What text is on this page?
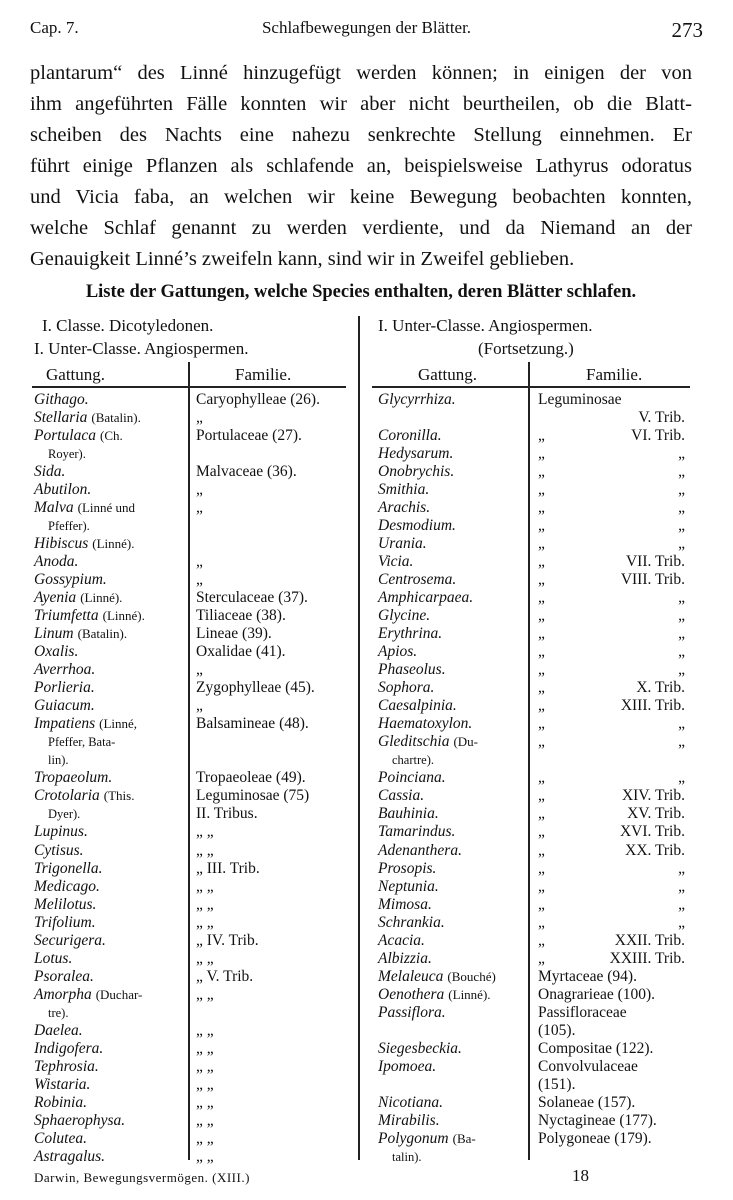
Cap. 7.	Schlafbewegungen der Blätter.	273
plantarum“ des Linné hinzugefügt werden können; in einigen der von
ihm angeführten Fälle konnten wir aber nicht beurtheilen, ob die Blatt-
scheiben des Nachts eine nahezu senkrechte Stellung einnehmen. Er
führt einige Pflanzen als schlafende an, beispielsweise Lathyrus odoratus
und Vicia faba, an welchen wir keine Bewegung beobachten konnten,
welche Schlaf genannt zu werden verdiente, und da Niemand an der
Genauigkeit Linné’s zweifeln kann, sind wir in Zweifel geblieben.
Liste der Gattungen, welche Species enthalten, deren Blätter schlafen.
I. Classe. Dicotyledonen.
I. Unter-Classe. Angiospermen.
Gattung.	Familie.
I. Unter-Classe. Angiospermen.
(Fortsetzung.)
Gattung.	Familie.
Githago.	Caryophylleae (26).
Stellaria (Batalin).	„
Portulaca (Ch.	Portulaceae (27).
Royer).
Sida.	Malvaceae (36).
Abutilon.	„
Malva (Linné und	„
Pfeffer).
Hibiscus (Linné).
Anoda.	„
Gossypium.	„
Ayenia (Linné).	Sterculaceae (37).
Triumfetta (Linné).	Tiliaceae (38).
Linum (Batalin).	Lineae (39).
Oxalis.	Oxalidae (41).
Averrhoa.	„
Porlieria.	Zygophylleae (45).
Guiacum.	„
Impatiens (Linné,	Balsamineae (48).
Pfeffer, Bata-
lin).
Tropaeolum.	Tropaeoleae (49).
Crotolaria (This.	Leguminosae (75)
Dyer).	II. Tribus.
Lupinus.	„ „
Cytisus.	„ „
Trigonella.	„ III. Trib.
Medicago.	„ „
Melilotus.	„ „
Trifolium.	„ „
Securigera.	„ IV. Trib.
Lotus.	„ „
Psoralea.	„ V. Trib.
Amorpha (Duchar-	„ „
tre).
Daelea.	„ „
Indigofera.	„ „
Tephrosia.	„ „
Wistaria.	„ „
Robinia.	„ „
Sphaerophysa.	„ „
Colutea.	„ „
Astragalus.	„ „
Glycyrrhiza.	Leguminosae
V. Trib.
Coronilla.	„	VI. Trib.
Hedysarum.	„	„
Onobrychis.	„	„
Smithia.	„	„
Arachis.	„	„
Desmodium.	„	„
Urania.	„	„
Vicia.	„	VII. Trib.
Centrosema.	„	VIII. Trib.
Amphicarpaea.	„	„
Glycine.	„	„
Erythrina.	„	„
Apios.	„	„
Phaseolus.	„	„
Sophora.	„	X. Trib.
Caesalpinia.	„	XIII. Trib.
Haematoxylon.	„	„
Gleditschia (Du-	„	„
chartre).
Poinciana.	„	„
Cassia.	„	XIV. Trib.
Bauhinia.	„	XV. Trib.
Tamarindus.	„	XVI. Trib.
Adenanthera.	„	XX. Trib.
Prosopis.	„	„
Neptunia.	„	„
Mimosa.	„	„
Schrankia.	„	„
Acacia.	„	XXII. Trib.
Albizzia.	„	XXIII. Trib.
Melaleuca (Bouché)	Myrtaceae (94).
Oenothera (Linné).	Onagrarieae (100).
Passiflora.	Passifloraceae
(105).
Siegesbeckia.	Compositae (122).
Ipomoea.	Convolvulaceae
(151).
Nicotiana.	Solaneae (157).
Mirabilis.	Nyctagineae (177).
Polygonum (Ba-	Polygoneae (179).
talin).
Darwin, Bewegungsvermögen. (XIII.)	18
